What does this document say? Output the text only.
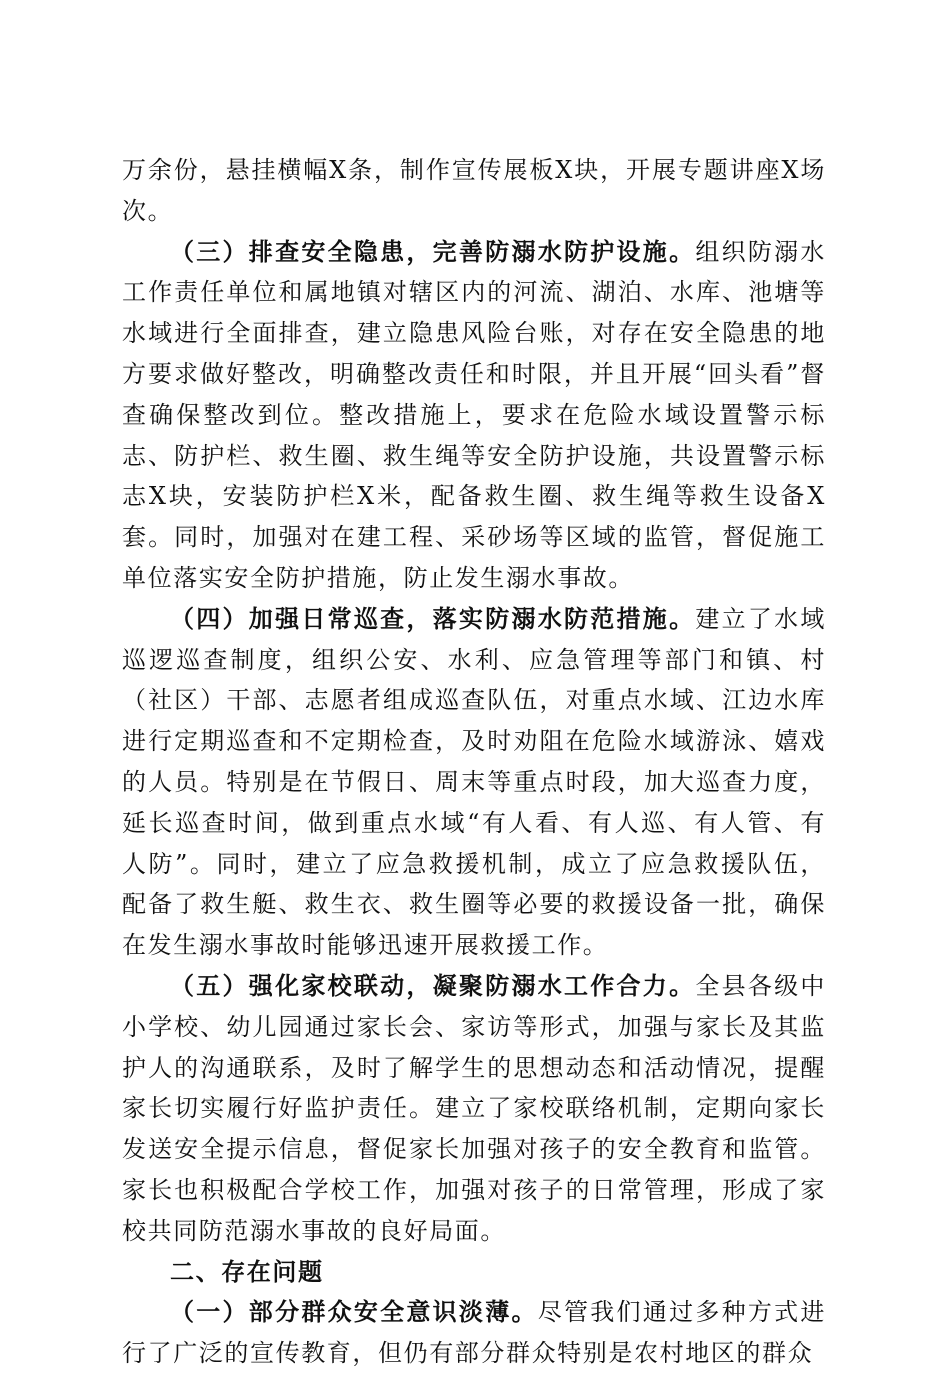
万余份，悬挂横幅X条，制作宣传展板X块，开展专题讲座X场次。

（三）排查安全隐患，完善防溺水防护设施。组织防溺水工作责任单位和属地镇对辖区内的河流、湖泊、水库、池塘等水域进行全面排查，建立隐患风险台账，对存在安全隐患的地方要求做好整改，明确整改责任和时限，并且开展“回头看”督查确保整改到位。整改措施上，要求在危险水域设置警示标志、防护栏、救生圈、救生绳等安全防护设施，共设置警示标志X块，安装防护栏X米，配备救生圈、救生绳等救生设备X套。同时，加强对在建工程、采砂场等区域的监管，督促施工单位落实安全防护措施，防止发生溺水事故。

（四）加强日常巡查，落实防溺水防范措施。建立了水域巡逻巡查制度，组织公安、水利、应急管理等部门和镇、村（社区）干部、志愿者组成巡查队伍，对重点水域、江边水库进行定期巡查和不定期检查，及时劝阻在危险水域游泳、嬉戏的人员。特别是在节假日、周末等重点时段，加大巡查力度，延长巡查时间，做到重点水域“有人看、有人巡、有人管、有人防”。同时，建立了应急救援机制，成立了应急救援队伍，配备了救生艇、救生衣、救生圈等必要的救援设备一批，确保在发生溺水事故时能够迅速开展救援工作。

（五）强化家校联动，凝聚防溺水工作合力。全县各级中小学校、幼儿园通过家长会、家访等形式，加强与家长及其监护人的沟通联系，及时了解学生的思想动态和活动情况，提醒家长切实履行好监护责任。建立了家校联络机制，定期向家长发送安全提示信息，督促家长加强对孩子的安全教育和监管。家长也积极配合学校工作，加强对孩子的日常管理，形成了家校共同防范溺水事故的良好局面。

二、存在问题

（一）部分群众安全意识淡薄。尽管我们通过多种方式进行了广泛的宣传教育，但仍有部分群众特别是农村地区的群众
